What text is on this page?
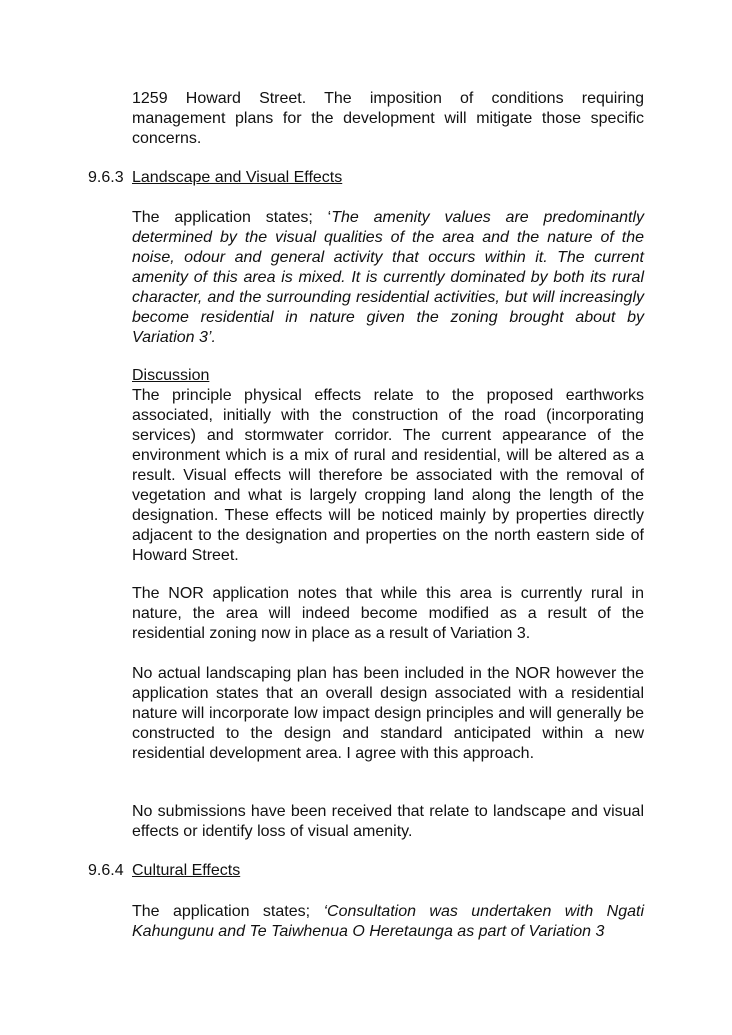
1259 Howard Street. The imposition of conditions requiring

management plans for the development will mitigate those specific concerns.

9.6.3 Landscape and Visual Effects

The application states; ‘The amenity values are predominantly determined by the visual qualities of the area and the nature of the noise, odour and general activity that occurs within it. The current amenity of this area is mixed. It is currently dominated by both its rural character, and the surrounding residential activities, but will increasingly become residential in nature given the zoning brought about by Variation 3’.

Discussion

The principle physical effects relate to the proposed earthworks associated, initially with the construction of the road (incorporating services) and stormwater corridor. The current appearance of the environment which is a mix of rural and residential, will be altered as a result. Visual effects will therefore be associated with the removal of vegetation and what is largely cropping land along the length of the designation. These effects will be noticed mainly by properties directly adjacent to the designation and properties on the north eastern side of Howard Street.

The NOR application notes that while this area is currently rural in nature, the area will indeed become modified as a result of the residential zoning now in place as a result of Variation 3.

No actual landscaping plan has been included in the NOR however the application states that an overall design associated with a residential nature will incorporate low impact design principles and will generally be constructed to the design and standard anticipated within a new residential development area. I agree with this approach.

No submissions have been received that relate to landscape and visual effects or identify loss of visual amenity.

9.6.4 Cultural Effects

The application states; ‘Consultation was undertaken with Ngati Kahungunu and Te Taiwhenua O Heretaunga as part of Variation 3
